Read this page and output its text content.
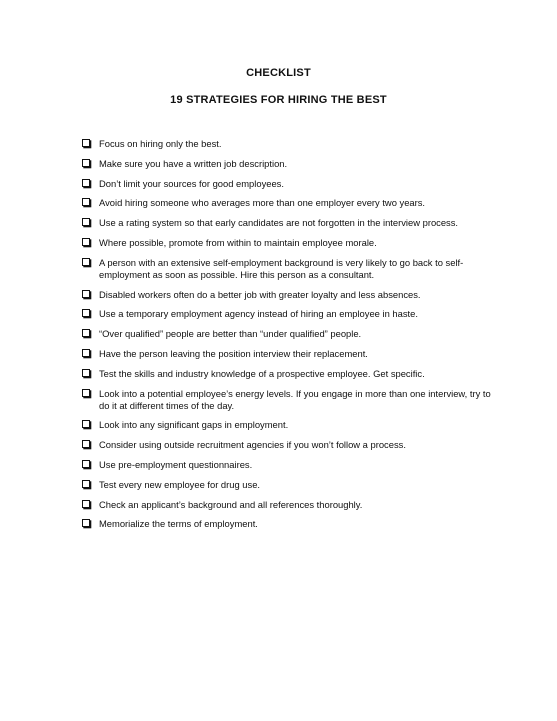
CHECKLIST
19 STRATEGIES FOR HIRING THE BEST
Focus on hiring only the best.
Make sure you have a written job description.
Don’t limit your sources for good employees.
Avoid hiring someone who averages more than one employer every two years.
Use a rating system so that early candidates are not forgotten in the interview process.
Where possible, promote from within to maintain employee morale.
A person with an extensive self-employment background is very likely to go back to self-employment as soon as possible. Hire this person as a consultant.
Disabled workers often do a better job with greater loyalty and less absences.
Use a temporary employment agency instead of hiring an employee in haste.
“Over qualified” people are better than “under qualified” people.
Have the person leaving the position interview their replacement.
Test the skills and industry knowledge of a prospective employee. Get specific.
Look into a potential employee’s energy levels. If you engage in more than one interview, try to do it at different times of the day.
Look into any significant gaps in employment.
Consider using outside recruitment agencies if you won’t follow a process.
Use pre-employment questionnaires.
Test every new employee for drug use.
Check an applicant’s background and all references thoroughly.
Memorialize the terms of employment.
